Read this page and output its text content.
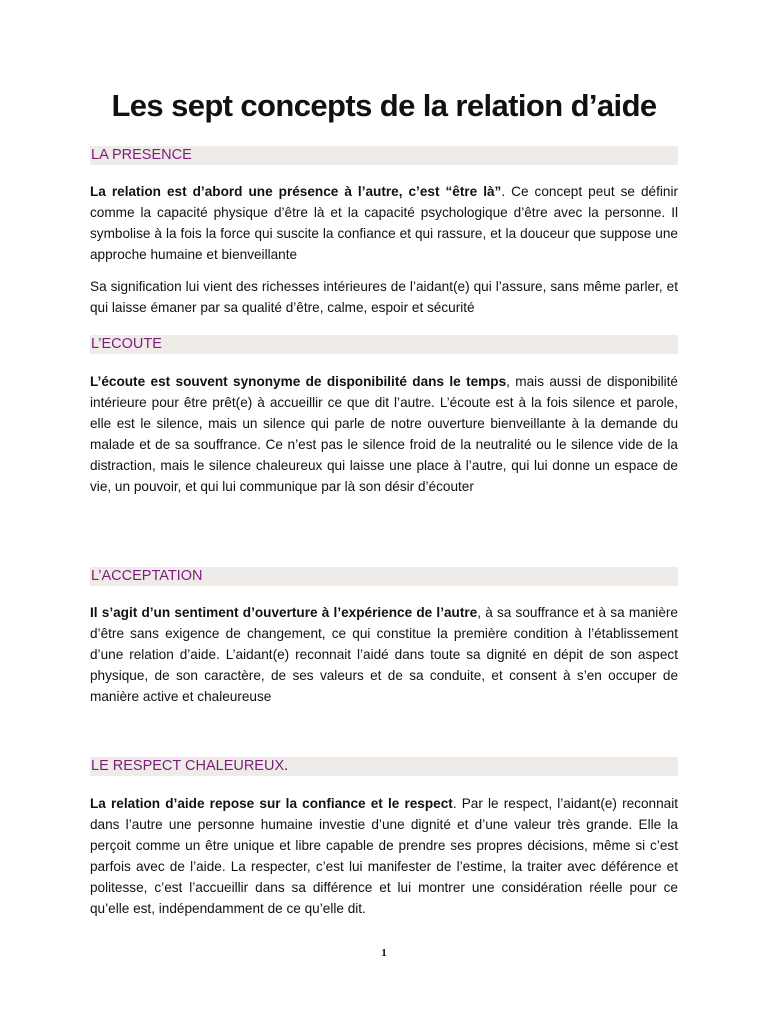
Les sept concepts de la relation d’aide
LA PRESENCE

La relation est d’abord une présence à l’autre, c’est “être là”. Ce concept peut se définir comme la capacité physique d’être là et la capacité psychologique d’être avec la personne. Il symbolise à la fois la force qui suscite la confiance et qui rassure, et la douceur que suppose une approche humaine et bienveillante

Sa signification lui vient des richesses intérieures de l’aidant(e) qui l’assure, sans même parler, et qui laisse émaner par sa qualité d’être, calme, espoir et sécurité

L’ECOUTE

L’écoute est souvent synonyme de disponibilité dans le temps, mais aussi de disponibilité intérieure pour être prêt(e) à accueillir ce que dit l’autre. L’écoute est à la fois silence et parole, elle est le silence, mais un silence qui parle de notre ouverture bienveillante à la demande du malade et de sa souffrance. Ce n’est pas le silence froid de la neutralité ou le silence vide de la distraction, mais le silence chaleureux qui laisse une place à l’autre, qui lui donne un espace de vie, un pouvoir, et qui lui communique par là son désir d’écouter

L’ACCEPTATION

Il s’agit d’un sentiment d’ouverture à l’expérience de l’autre, à sa souffrance et à sa manière d’être sans exigence de changement, ce qui constitue la première condition à l’établissement d’une relation d’aide. L’aidant(e) reconnait l’aidé dans toute sa dignité en dépit de son aspect physique, de son caractère, de ses valeurs et de sa conduite, et consent à s’en occuper de manière active et chaleureuse

LE RESPECT CHALEUREUX.

La relation d’aide repose sur la confiance et le respect. Par le respect, l’aidant(e) reconnait dans l’autre une personne humaine investie d’une dignité et d’une valeur très grande. Elle la perçoit comme un être unique et libre capable de prendre ses propres décisions, même si c’est parfois avec de l’aide. La respecter, c’est lui manifester de l’estime, la traiter avec déférence et politesse, c’est l’accueillir dans sa différence et lui montrer une considération réelle pour ce qu’elle est, indépendamment de ce qu’elle dit.

1
